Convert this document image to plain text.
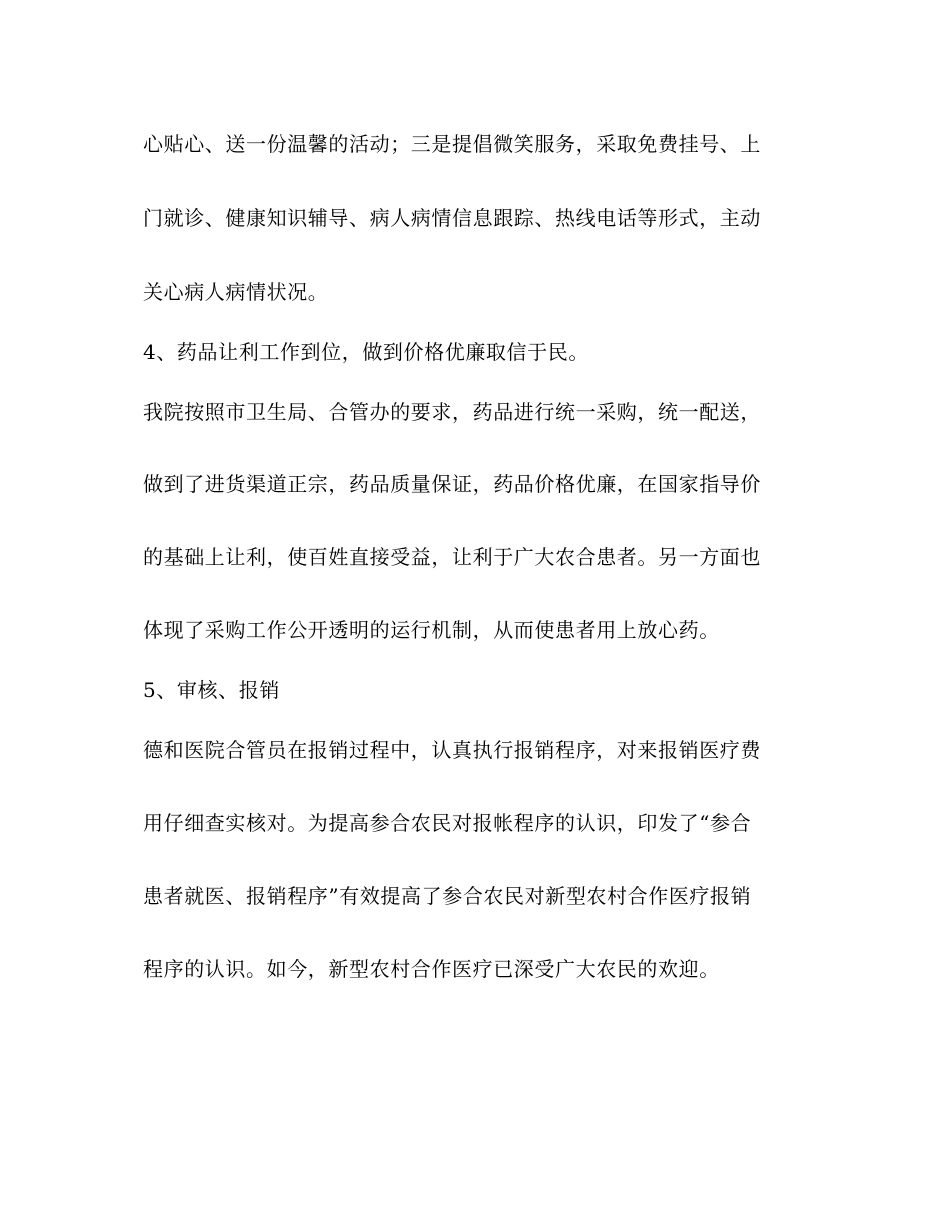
心贴心、送一份温馨的活动；三是提倡微笑服务，采取免费挂号、上
门就诊、健康知识辅导、病人病情信息跟踪、热线电话等形式，主动
关心病人病情状况。
4、药品让利工作到位，做到价格优廉取信于民。
我院按照市卫生局、合管办的要求，药品进行统一采购，统一配送，
做到了进货渠道正宗，药品质量保证，药品价格优廉，在国家指导价
的基础上让利，使百姓直接受益，让利于广大农合患者。另一方面也
体现了采购工作公开透明的运行机制，从而使患者用上放心药。
5、审核、报销
德和医院合管员在报销过程中，认真执行报销程序，对来报销医疗费
用仔细查实核对。为提高参合农民对报帐程序的认识，印发了“参合
患者就医、报销程序”有效提高了参合农民对新型农村合作医疗报销
程序的认识。如今，新型农村合作医疗已深受广大农民的欢迎。
